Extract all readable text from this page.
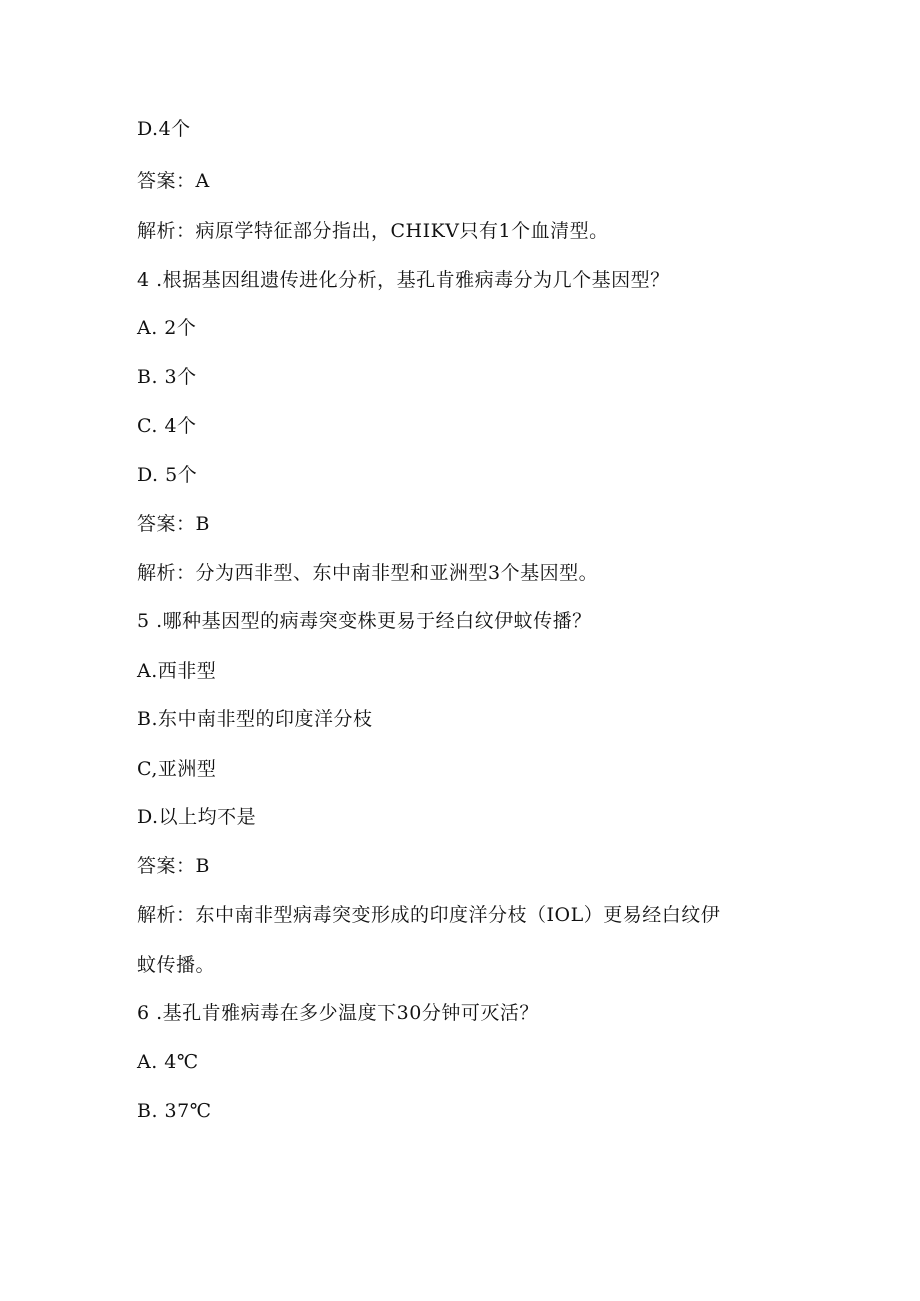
D.4个
答案：A
解析：病原学特征部分指出，CHIKV只有1个血清型。
4 .根据基因组遗传进化分析，基孔肯雅病毒分为几个基因型？
A. 2个
B. 3个
C. 4个
D. 5个
答案：B
解析：分为西非型、东中南非型和亚洲型3个基因型。
5 .哪种基因型的病毒突变株更易于经白纹伊蚊传播？
A.西非型
B.东中南非型的印度洋分枝
C,亚洲型
D.以上均不是
答案：B
解析：东中南非型病毒突变形成的印度洋分枝（IOL）更易经白纹伊
蚊传播。
6 .基孔肯雅病毒在多少温度下30分钟可灭活？
A. 4℃
B. 37℃
